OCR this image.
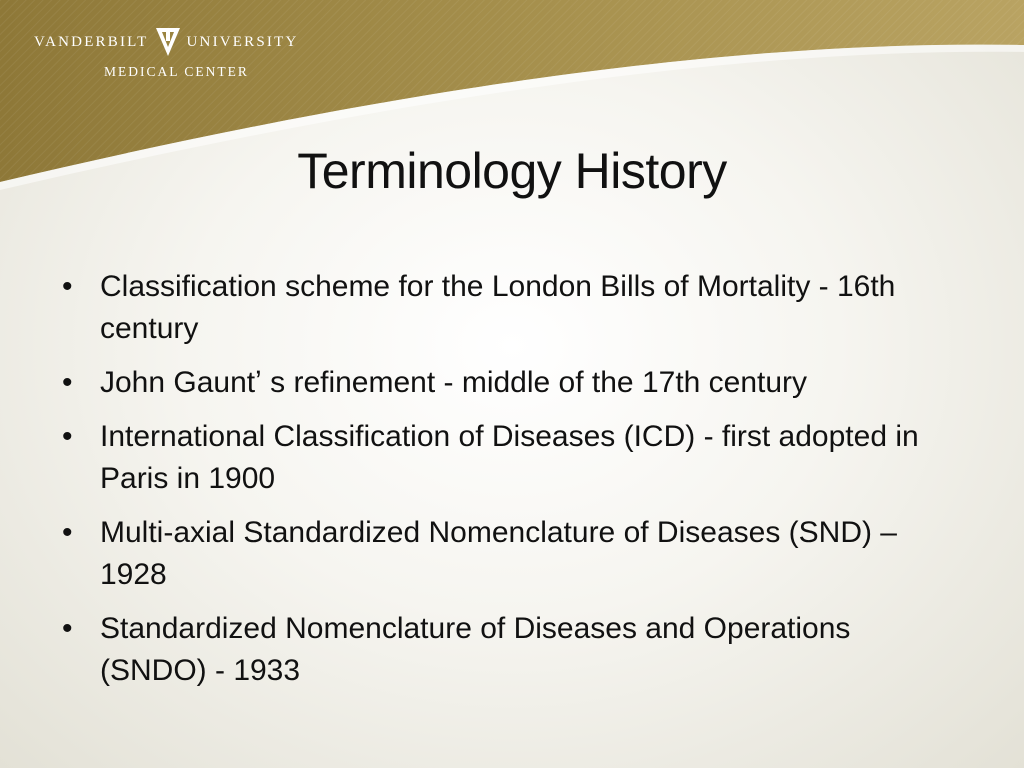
VANDERBILT	UNIVERSITY
MEDICAL CENTER
Terminology History
• Classification scheme for the London Bills of Mortality - 16th century
• John Gauntʼ s refinement - middle of the 17th century
• International Classification of Diseases (ICD) - first adopted in Paris in 1900
• Multi-axial Standardized Nomenclature of Diseases (SND) – 1928
• Standardized Nomenclature of Diseases and Operations (SNDO) - 1933
